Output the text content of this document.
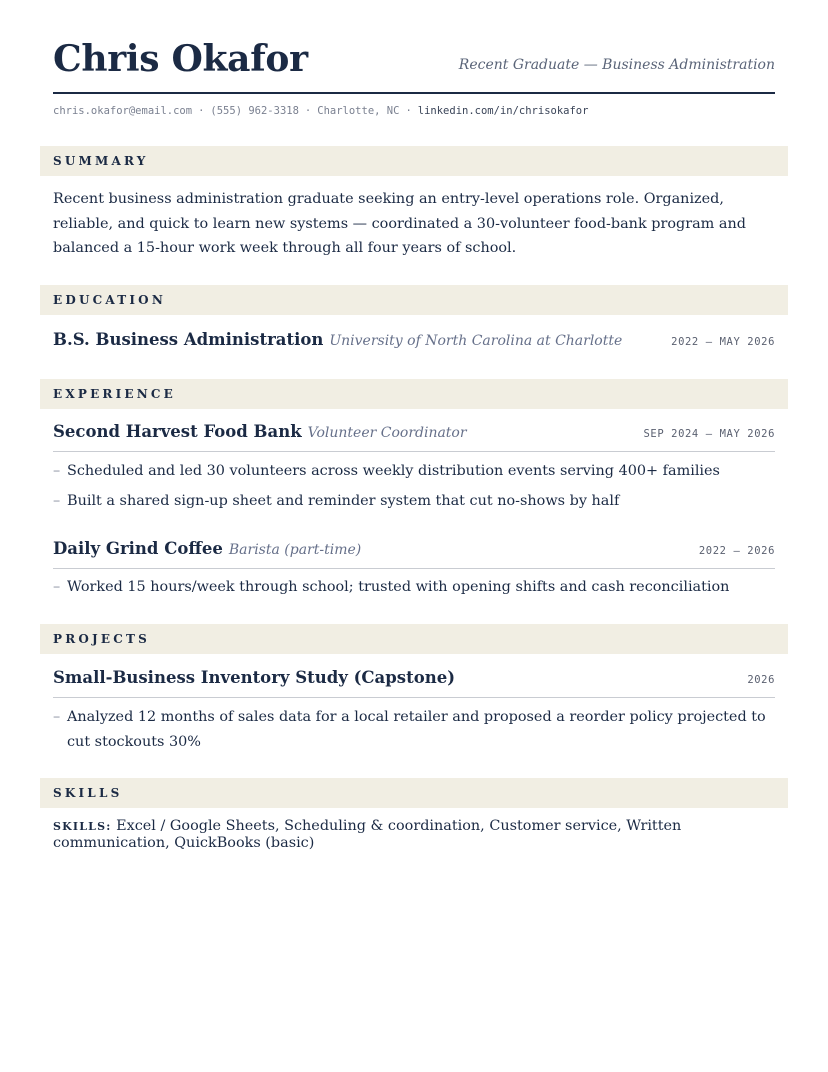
Chris Okafor	Recent Graduate — Business Administration
chris.okafor@email.com · (555) 962-3318 · Charlotte, NC · linkedin.com/in/chrisokafor
SUMMARY
Recent business administration graduate seeking an entry-level operations role. Organized, reliable, and quick to learn new systems — coordinated a 30-volunteer food-bank program and balanced a 15-hour work week through all four years of school.
EDUCATION
B.S. Business Administration University of North Carolina at Charlotte	2022 – MAY 2026
EXPERIENCE
Second Harvest Food Bank Volunteer Coordinator	SEP 2024 – MAY 2026
– Scheduled and led 30 volunteers across weekly distribution events serving 400+ families
– Built a shared sign-up sheet and reminder system that cut no-shows by half
Daily Grind Coffee Barista (part-time)	2022 – 2026
– Worked 15 hours/week through school; trusted with opening shifts and cash reconciliation
PROJECTS
Small-Business Inventory Study (Capstone)	2026
– Analyzed 12 months of sales data for a local retailer and proposed a reorder policy projected to cut stockouts 30%
SKILLS
SKILLS: Excel / Google Sheets, Scheduling & coordination, Customer service, Written communication, QuickBooks (basic)
